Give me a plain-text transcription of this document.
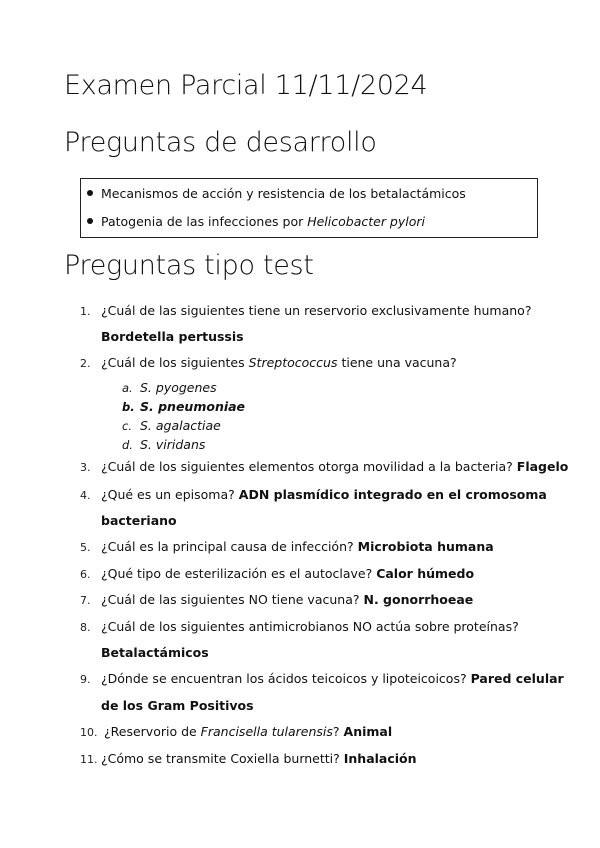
Examen Parcial 11/11/2024
Preguntas de desarrollo
Mecanismos de acción y resistencia de los betalactámicos
Patogenia de las infecciones por Helicobacter pylori
Preguntas tipo test
1. ¿Cuál de las siguientes tiene un reservorio exclusivamente humano?
Bordetella pertussis
2. ¿Cuál de los siguientes Streptococcus tiene una vacuna?
a. S. pyogenes
b. S. pneumoniae
c. S. agalactiae
d. S. viridans
3. ¿Cuál de los siguientes elementos otorga movilidad a la bacteria? Flagelo
4. ¿Qué es un episoma? ADN plasmídico integrado en el cromosoma
bacteriano
5. ¿Cuál es la principal causa de infección? Microbiota humana
6. ¿Qué tipo de esterilización es el autoclave? Calor húmedo
7. ¿Cuál de las siguientes NO tiene vacuna? N. gonorrhoeae
8. ¿Cuál de los siguientes antimicrobianos NO actúa sobre proteínas?
Betalactámicos
9. ¿Dónde se encuentran los ácidos teicoicos y lipoteicoicos? Pared celular
de los Gram Positivos
10. ¿Reservorio de Francisella tularensis? Animal
11. ¿Cómo se transmite Coxiella burnetti? Inhalación
